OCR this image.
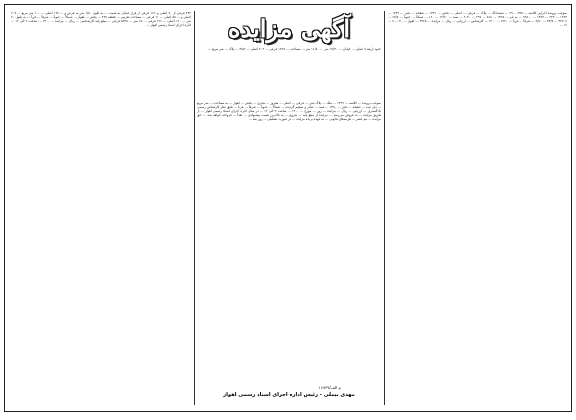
۳۶۴ فرعی از ۷۰ اصلی و۱۶۶۰ فرعی از قرار خیابان به سمت ... به طول ۱/۸۰ متر به عرض و ... ۱۶۸ اصلی ... ۱۰۰ متر مربع ... ۲۰۷ اصلی و ... ۵۸ اصلی ... ۱۱ فرعی ... مساحت تقریبی ... قطعه ۴۶۷ ... بخش ... اهواز ... شمالاً ... جنوباً ... شرقاً ... غرباً ... به طول ۲۰ متر ... ۱۶۰ اصلی ... ۲۱۶ فرعی ... ۱۵ متر ... ۸۳۴۸ فرعی ... مبلغ پایه کارشناسی ... ریال ... مزایده ... ۱۴۰۰ ... ساعت ۹ الی ۱۲ ... اداره اجرای اسناد رسمی اهواز ... آگهی مزایده

حدود اربعه ۸ اصلی ... خیابان ... ۱۷/۳۰ متر ... ۱۱/۸۰ متر ... مساحت ... ۱۶۲۷ فرعی ... ۴۰۲ اصلی ... ۳/۵۶ ... پلاک ... متر مربع ...

بموجب پرونده ... کلاسه ... ۱۳۹۹ ... ملک ... پلاک ثبتی ... فرعی ... اصلی ... مفروز ... مجزی ... بخش ... اهواز ... به مساحت ... متر مربع ... ذیل ثبت ... صفحه ... دفتر ... ۱۳۸۰ ... سند ... صادر و تسلیم گردیده ... شمالاً ... جنوباً ... شرقاً ... غرباً ... طبق نظر کارشناس رسمی دادگستری ... ارزیابی ... ریال ... مزایده ... روز ... مورخ ... ۱۴۰۰ ... ساعت ۹ الی ۱۲ ... در محل اداره اجرای اسناد رسمی اهواز ... از طریق مزایده ... به فروش می‌رسد ... مزایده از مبلغ پایه ... شروع ... به بالاترین قیمت پیشنهادی ... نقداً ... فروخته خواهد شد ... حق مزایده ... نیم عشر ... هزینه‌های قانونی ... به عهده برنده مزایده ... در صورت تعطیلی ... روز بعد ...

م الف/۱۶۸۳۷
مهدی بیملی - رئیس اداره اجرای اسناد رسمی اهواز

بموجب پرونده اجرایی کلاسه ... ۹۹۰۰۰۳۳۸ ... ششدانگ ... پلاک ... فرعی ... اصلی ... بخش ... ۱۳۴۱ ... صفحه ... دفتر ... ۱۷۴۹ ... ۱۶۴۴ ... ۲۴۲ ... ۱۴۲۷ ... ۹۹۸۰۰ ... به نام ... ۱۳۶۵ ... ۵۱۸ ... ۲۹۷ ... ۲۰۴۰ ... سند ... ۱۲/۲۰ ... ۱۶۰ ... شمالاً ... جنوباً ... ۶۷/۷ ... ۳۲۷۰۶ ... ۳۴/۷ ... ۴/۸۰ ... شرقاً ... غرباً ... ۶۹۲۰ ... ۱۴۰۰ ... کارشناس ... ارزیابی ... ریال ... مزایده ... ۳۹۲۵ ... اهواز ... ۴۰ ... ۸ ... ۱۶ ...
